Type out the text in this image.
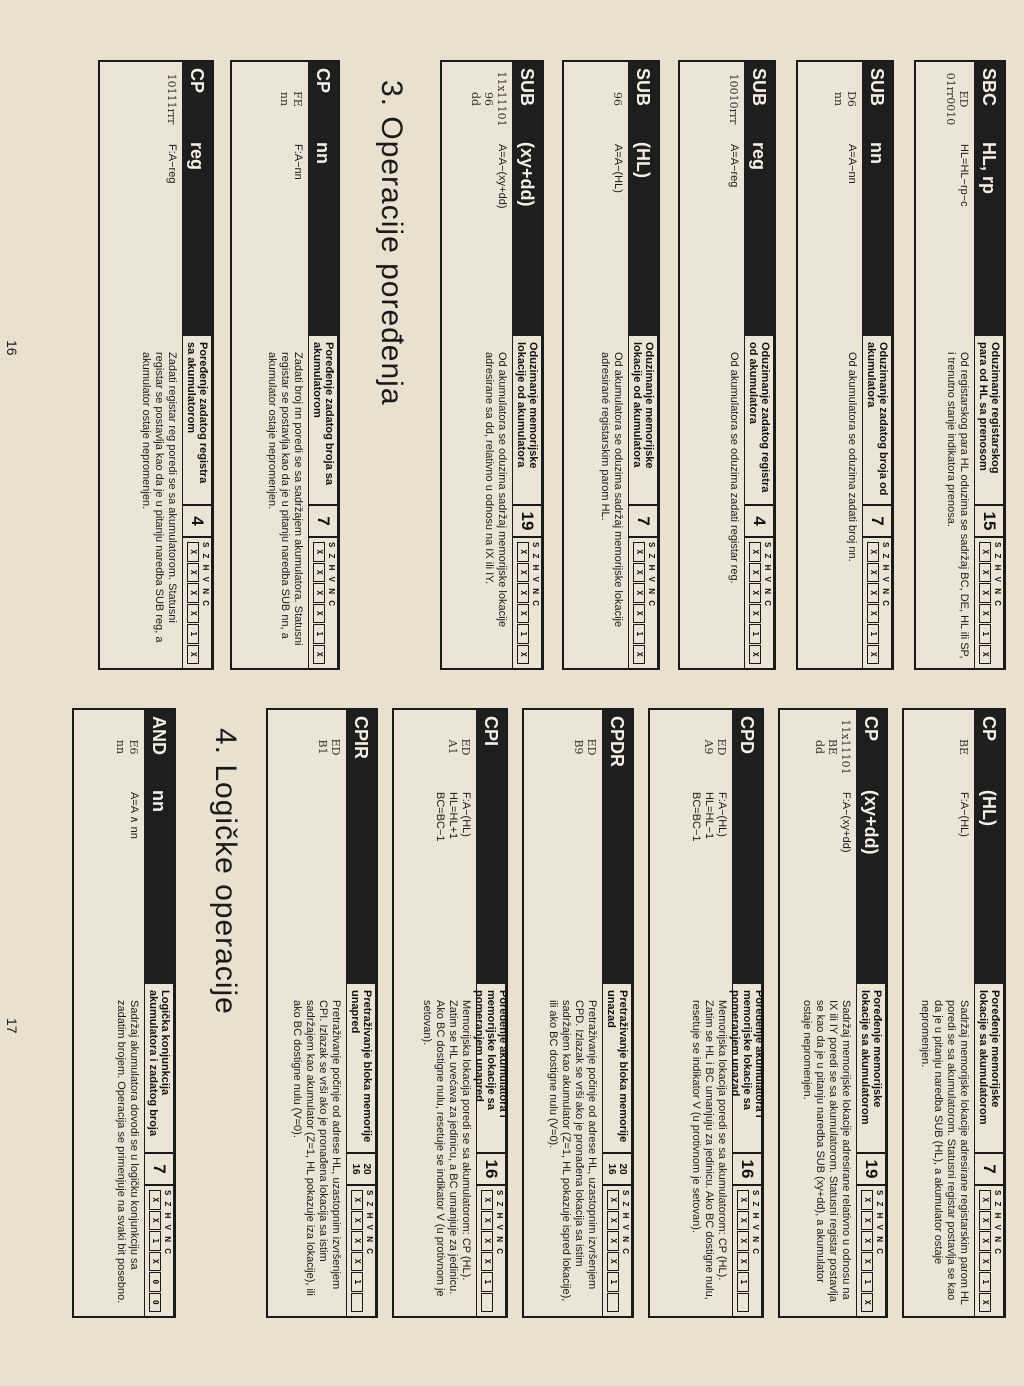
SBC
HL, rp
Oduzimanje registarskog para od HL sa prenosom
15
S Z H V N C
X
X
X
X
1
X
ED
01rr0010
HL=HL−rp−c
Od registarskog para HL oduzima se sadržaj BC, DE, HL ili SP, i trenutno stanje indikatora prenosa.
SUB
nn
Oduzimanje zadatog broja od akumulatora
7
S Z H V N C
X
X
X
X
1
X
D6
nn
A=A−nn
Od akumulatora se oduzima zadati broj nn.
SUB
reg
Oduzimanje zadatog registra od akumulatora
4
S Z H V N C
X
X
X
X
1
X
10010rrr
A=A−reg
Od akumulatora se oduzima zadati registar reg.
SUB
(HL)
Oduzimanje memorijske lokacije od akumulatora
7
S Z H V N C
X
X
X
X
1
X
96
A=A−(HL)
Od akumulatora se oduzima sadržaj memorijske lokacije adresirané registarskim parom HL.
SUB
(xy+dd)
Oduzimanje memorijske lokacije od akumulatora
19
S Z H V N C
X
X
X
X
1
X
11x11101
96
dd
A=A−(xy+dd)
Od akumulatora se oduzima sadržaj memorijske lokacije adresirane sa dd, relativno u odnosu na IX ili IY.
3. Operacije poređenja
CP
nn
Poređenje zadatog broja sa akumulatorom
7
S Z H V N C
X
X
X
X
1
X
FE
nn
F:A−nn
Zadati broj nn poredi se sa sadržajem akumulatora. Statusni registar se postavlja kao da je u pitanju naredba SUB nn, a akumulator ostaje nepromenjen.
CP
reg
Poređenje zadatog registra sa akumulatorom
4
S Z H V N C
X
X
X
X
1
X
10111rrr
F:A−reg
Zadati registar reg poredi se sa akumulatorom. Statusni registar se postavlja kao da je u pitanju naredba SUB reg, a akumulator ostaje nepromenjen.
16
CP
(HL)
Poređenje memorijske lokacije sa akumulatorom
7
S Z H V N C
X
X
X
X
1
X
BE
F:A−(HL)
Sadržaj memorijske lokacije adresirane registarskim parom HL poredi se sa akumulatorom. Statusni registar postavlja se kao da je u pitanju naredba SUB (HL), a akumulator ostaje nepromenjen.
CP
(xy+dd)
Poređenje memorijske lokacije sa akumulatorom
19
S Z H V N C
X
X
X
X
1
X
11x11101
BE
dd
F:A−(xy+dd)
Sadržaj memorijske lokacije adresirane relativno u odnosu na IX ili IY poredi se sa akumulatorom. Statusni registar postavlja se kao da je u pitanju naredba SUB (xy+dd), a akumulator ostaje nepromenjen.
CPD
Poređenje akumulatora i memorijske lokacije sa pomeranjem unazad
16
S Z H V N C
X
X
X
X
1
ED
A9
F:A−(HL)
HL=HL−1
BC=BC−1
Memorijska lokacija poredi se sa akumulatorom: CP (HL). Zatim se HL i BC umanjuju za jedinicu. Ako BC dostigne nulu, resetuje se indikator V (u protivnom je setovan).
CPDR
Pretraživanje bloka memorije unazad
20
16
S Z H V N C
X
X
X
X
1
ED
B9
Pretraživanje počinje od adrese HL, uzastopnim izvršenjem CPD. Izlazak se vrši ako je pronađena lokacija sa istim sadržajem kao akumulator (Z=1, HL pokazuje ispred lokacije), ili ako BC dostigne nulu (V=0).
CPI
Poređenje akumulatora i memorijske lokacije sa pomeranjem unapred
16
S Z H V N C
X
X
X
X
1
ED
A1
F:A−(HL)
HL=HL+1
BC=BC−1
Memorijska lokacija poredi se sa akumulatorom: CP (HL). Zatim se HL uvećava za jedinicu, a BC umanjuje za jedinicu. Ako BC dostigne nulu, resetuje se indikator V (u protivnom je setovan).
CPIR
Pretraživanje bloka memorije unapred
20
16
S Z H V N C
X
X
X
X
1
ED
B1
Pretraživanje počinje od adrese HL, uzastopnim izvršenjem CPI. Izlazak se vrši ako je pronađena lokacija sa istim sadržajem kao akumulator (Z=1, HL pokazuje iza lokacije), ili ako BC dostigne nulu (V=0).
4. Logičke operacije
AND
nn
Logička konjunkcija akumulatora i zadatog broja
7
S Z H V N C
X
X
1
X
0
0
E6
nn
A=A ∧ nn
Sadržaj akumulatora dovodi se u logičku konjunkciju sa zadatim brojem. Operacija se primenjuje na svaki bit posebno.
17
